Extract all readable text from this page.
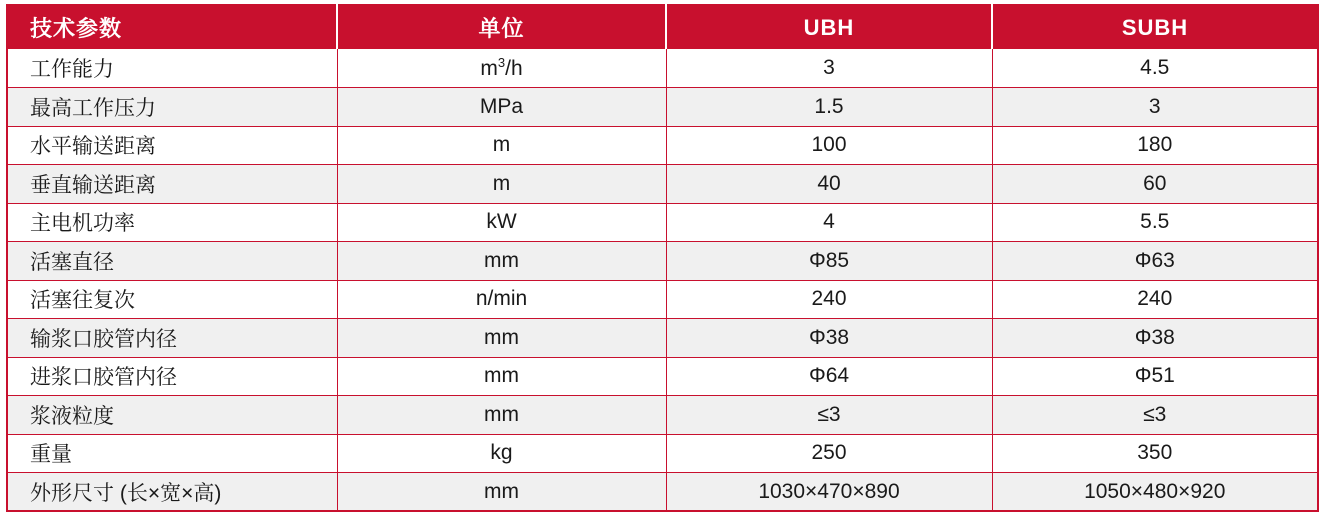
技术参数	单位	UBH	SUBH
工作能力	$m^3/h$	3	4.5
最高工作压力	MPa	1.5	3
水平输送距离	m	100	180
垂直输送距离	m	40	60
主电机功率	kW	4	5.5
活塞直径	mm	Φ85	Φ63
活塞往复次	n/min	240	240
输浆口胶管内径	mm	Φ38	Φ38
进浆口胶管内径	mm	Φ64	Φ51
浆液粒度	mm	≤3	≤3
重量	kg	250	350
外形尺寸 (长×宽×高)	mm	1030×470×890	1050×480×920
